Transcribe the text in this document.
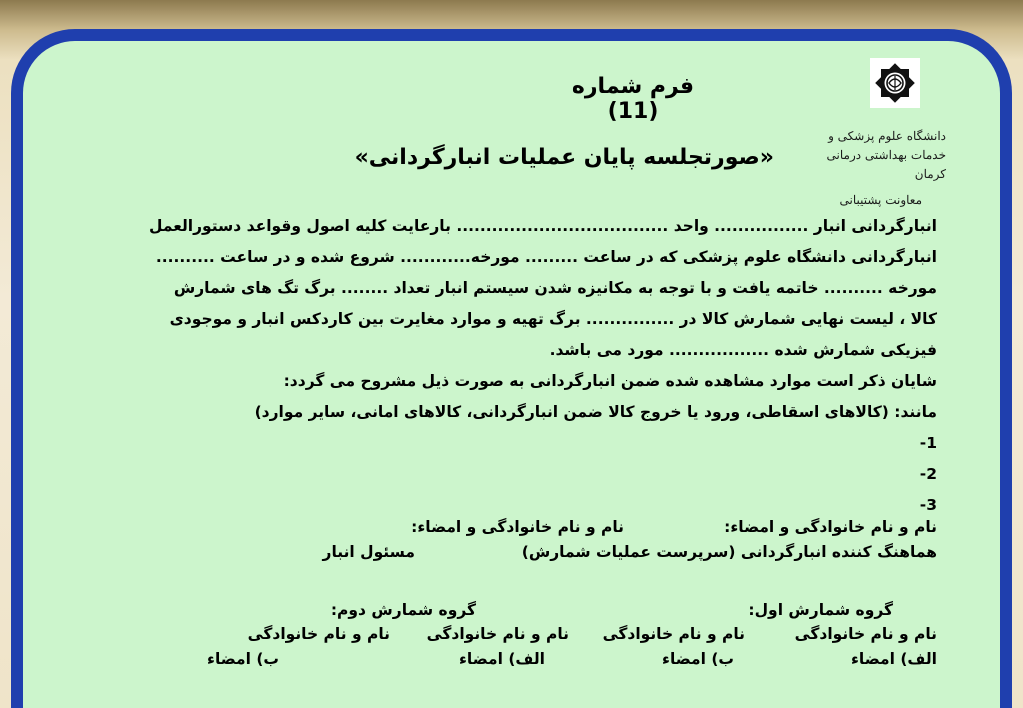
دانشگاه علوم پزشکی و
خدمات بهداشتی درمانی
کرمان
معاونت پشتیبانی
فرم شماره (11)
«صورتجلسه پایان عملیات انبارگردانی»
انبارگردانی انبار ................ واحد .................................... بارعایت کلیه اصول وقواعد دستورالعمل
انبارگردانی دانشگاه علوم پزشکی که در ساعت ......... مورخه............ شروع شده و در ساعت ..........
مورخه .......... خاتمه یافت و با توجه به مکانیزه شدن سیستم انبار تعداد ........ برگ تگ های شمارش
کالا ، لیست نهایی شمارش کالا در ............... برگ تهیه و موارد مغایرت بین کاردکس انبار و موجودی
فیزیکی شمارش شده ................. مورد می باشد.
شایان ذکر است موارد مشاهده شده ضمن انبارگردانی به صورت ذیل مشروح می گردد:
مانند: (کالاهای اسقاطی، ورود یا خروج کالا ضمن انبارگردانی، کالاهای امانی، سایر موارد)
1-
2-
3-
نام و نام خانوادگی و امضاء:
نام و نام خانوادگی و امضاء:
هماهنگ کننده انبارگردانی (سرپرست عملیات شمارش)
مسئول انبار
گروه شمارش اول:
گروه شمارش دوم:
نام و نام خانوادگی
نام و نام خانوادگی
نام و نام خانوادگی
نام و نام خانوادگی
الف) امضاء
ب) امضاء
الف) امضاء
ب) امضاء
